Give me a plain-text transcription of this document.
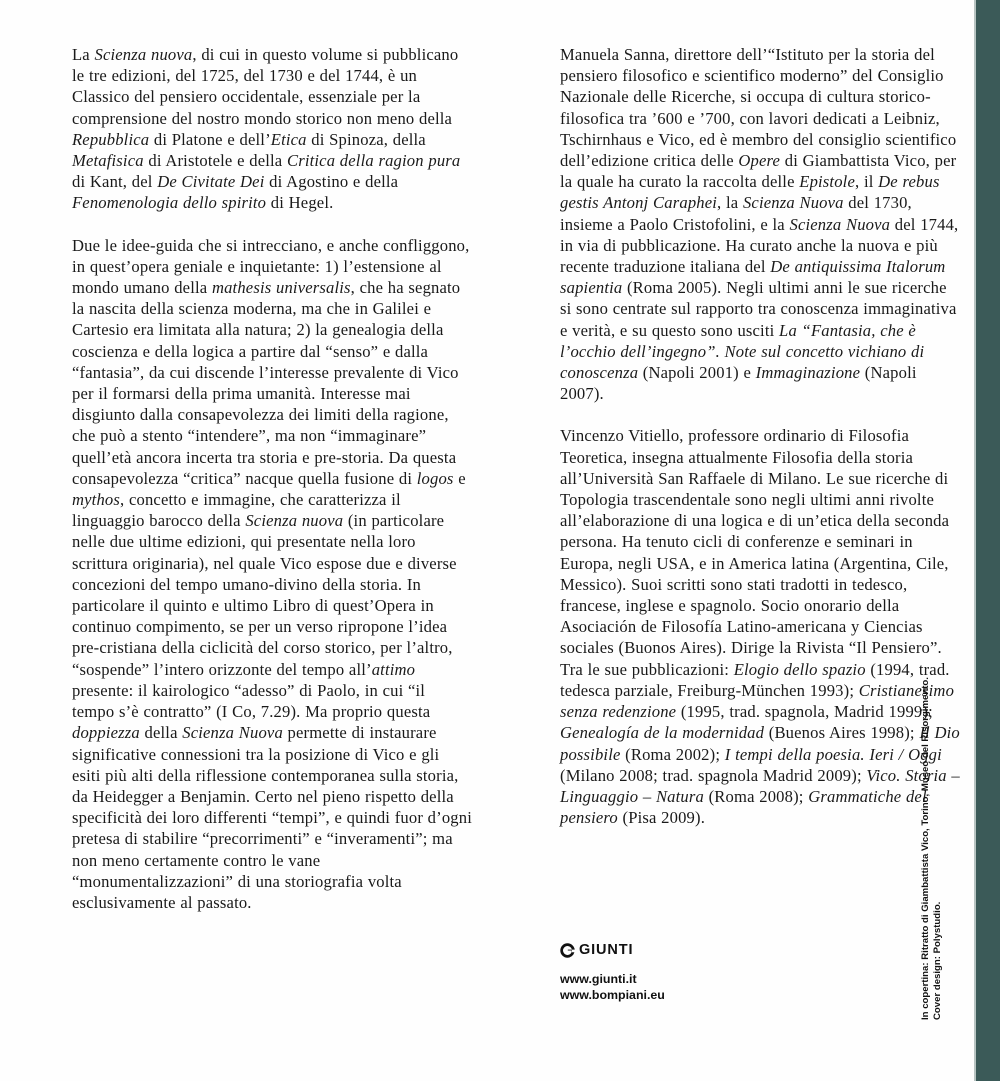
La Scienza nuova, di cui in questo volume si pubblicano le tre edizioni, del 1725, del 1730 e del 1744, è un Classico del pensiero occidentale, essenziale per la comprensione del nostro mondo storico non meno della Repubblica di Platone e dell’Etica di Spinoza, della Metafisica di Aristotele e della Critica della ragion pura di Kant, del De Civitate Dei di Agostino e della Fenomenologia dello spirito di Hegel.

Due le idee-guida che si intrecciano, e anche confliggono, in quest’opera geniale e inquietante: 1) l’estensione al mondo umano della mathesis universalis, che ha segnato la nascita della scienza moderna, ma che in Galilei e Cartesio era limitata alla natura; 2) la genealogia della coscienza e della logica a partire dal “senso” e dalla “fantasia”, da cui discende l’interesse prevalente di Vico per il formarsi della prima umanità. Interesse mai disgiunto dalla consapevolezza dei limiti della ragione, che può a stento “intendere”, ma non “immaginare” quell’età ancora incerta tra storia e pre-storia. Da questa consapevolezza “critica” nacque quella fusione di logos e mythos, concetto e immagine, che caratterizza il linguaggio barocco della Scienza nuova (in particolare nelle due ultime edizioni, qui presentate nella loro scrittura originaria), nel quale Vico espose due e diverse concezioni del tempo umano-divino della storia. In particolare il quinto e ultimo Libro di quest’Opera in continuo compimento, se per un verso ripropone l’idea pre-cristiana della ciclicità del corso storico, per l’altro, “sospende” l’intero orizzonte del tempo all’attimo presente: il kairologico “adesso” di Paolo, in cui “il tempo s’è contratto” (I Co, 7.29). Ma proprio questa doppiezza della Scienza Nuova permette di instaurare significative connessioni tra la posizione di Vico e gli esiti più alti della riflessione contemporanea sulla storia, da Heidegger a Benjamin. Certo nel pieno rispetto della specificità dei loro differenti “tempi”, e quindi fuor d’ogni pretesa di stabilire “precorrimenti” e “inveramenti”; ma non meno certamente contro le vane “monumentalizzazioni” di una storiografia volta esclusivamente al passato.

Manuela Sanna, direttore dell’“Istituto per la storia del pensiero filosofico e scientifico moderno” del Consiglio Nazionale delle Ricerche, si occupa di cultura storico-filosofica tra ’600 e ’700, con lavori dedicati a Leibniz, Tschirnhaus e Vico, ed è membro del consiglio scientifico dell’edizione critica delle Opere di Giambattista Vico, per la quale ha curato la raccolta delle Epistole, il De rebus gestis Antonj Caraphei, la Scienza Nuova del 1730, insieme a Paolo Cristofolini, e la Scienza Nuova del 1744, in via di pubblicazione. Ha curato anche la nuova e più recente traduzione italiana del De antiquissima Italorum sapientia (Roma 2005). Negli ultimi anni le sue ricerche si sono centrate sul rapporto tra conoscenza immaginativa e verità, e su questo sono usciti La “Fantasia, che è l’occhio dell’ingegno”. Note sul concetto vichiano di conoscenza (Napoli 2001) e Immaginazione (Napoli 2007).

Vincenzo Vitiello, professore ordinario di Filosofia Teoretica, insegna attualmente Filosofia della storia all’Università San Raffaele di Milano. Le sue ricerche di Topologia trascendentale sono negli ultimi anni rivolte all’elaborazione di una logica e di un’etica della seconda persona. Ha tenuto cicli di conferenze e seminari in Europa, negli USA, e in America latina (Argentina, Cile, Messico). Suoi scritti sono stati tradotti in tedesco, francese, inglese e spagnolo. Socio onorario della Asociación de Filosofía Latino-americana y Ciencias sociales (Buonos Aires). Dirige la Rivista “Il Pensiero”. Tra le sue pubblicazioni: Elogio dello spazio (1994, trad. tedesca parziale, Freiburg-München 1993); Cristianesimo senza redenzione (1995, trad. spagnola, Madrid 1999); Genealogía de la modernidad (Buenos Aires 1998); Il Dio possibile (Roma 2002); I tempi della poesia. Ieri / Oggi (Milano 2008; trad. spagnola Madrid 2009); Vico. Storia – Linguaggio – Natura (Roma 2008); Grammatiche del pensiero (Pisa 2009).

GIUNTI
www.giunti.it
www.bompiani.eu	In copertina: Ritratto di Giambattista Vico, Torino, Museo del Risorgimento. Cover design: Polystudio.
